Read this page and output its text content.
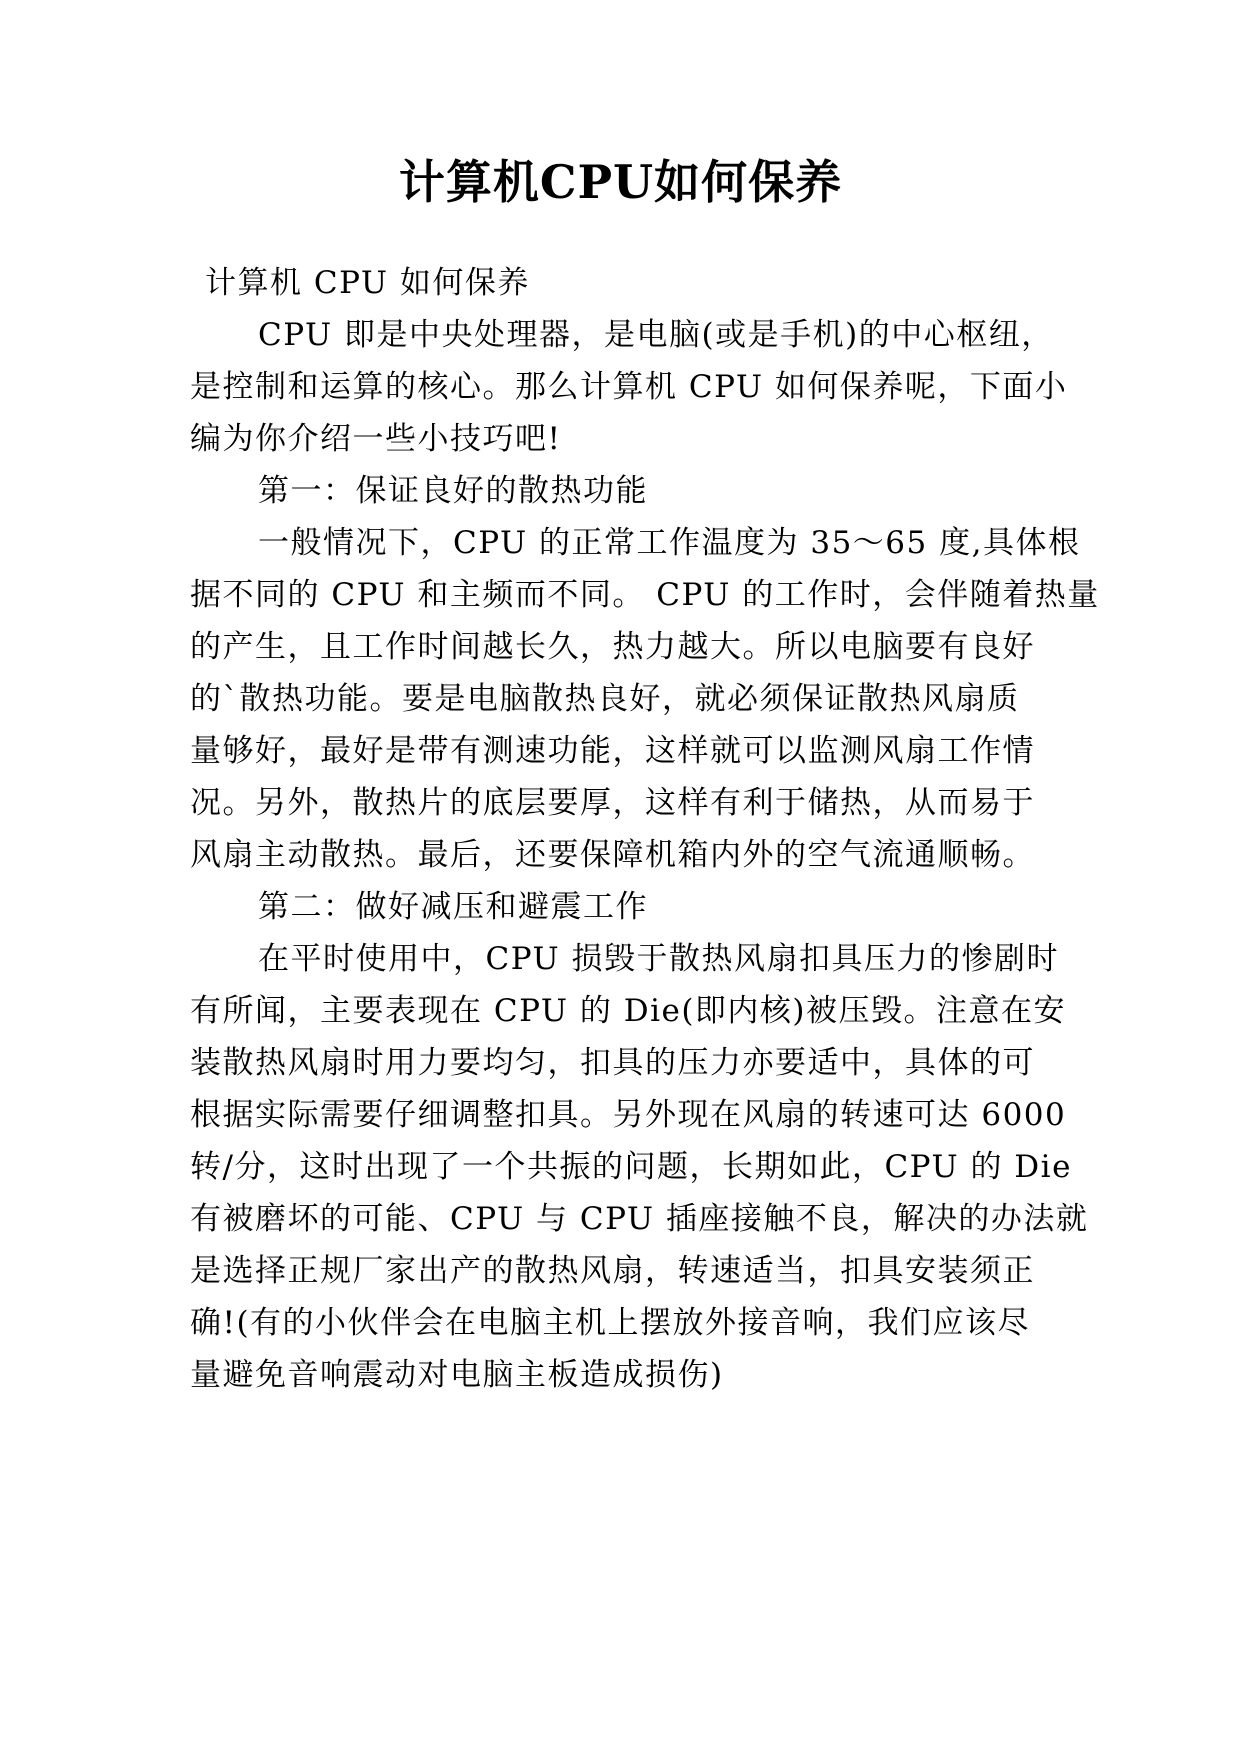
计算机CPU如何保养

计算机 CPU 如何保养

CPU 即是中央处理器，是电脑(或是手机)的中心枢纽，

是控制和运算的核心。那么计算机 CPU 如何保养呢，下面小

编为你介绍一些小技巧吧!

第一：保证良好的散热功能

一般情况下，CPU 的正常工作温度为 35～65 度,具体根

据不同的 CPU 和主频而不同。 CPU 的工作时，会伴随着热量

的产生，且工作时间越长久，热力越大。所以电脑要有良好

的`散热功能。要是电脑散热良好，就必须保证散热风扇质

量够好，最好是带有测速功能，这样就可以监测风扇工作情

况。另外，散热片的底层要厚，这样有利于储热，从而易于

风扇主动散热。最后，还要保障机箱内外的空气流通顺畅。

第二：做好减压和避震工作

在平时使用中，CPU 损毁于散热风扇扣具压力的惨剧时

有所闻，主要表现在 CPU 的 Die(即内核)被压毁。注意在安

装散热风扇时用力要均匀，扣具的压力亦要适中，具体的可

根据实际需要仔细调整扣具。另外现在风扇的转速可达 6000

转/分，这时出现了一个共振的问题，长期如此，CPU 的 Die

有被磨坏的可能、CPU 与 CPU 插座接触不良，解决的办法就

是选择正规厂家出产的散热风扇，转速适当，扣具安装须正

确!(有的小伙伴会在电脑主机上摆放外接音响，我们应该尽

量避免音响震动对电脑主板造成损伤)
